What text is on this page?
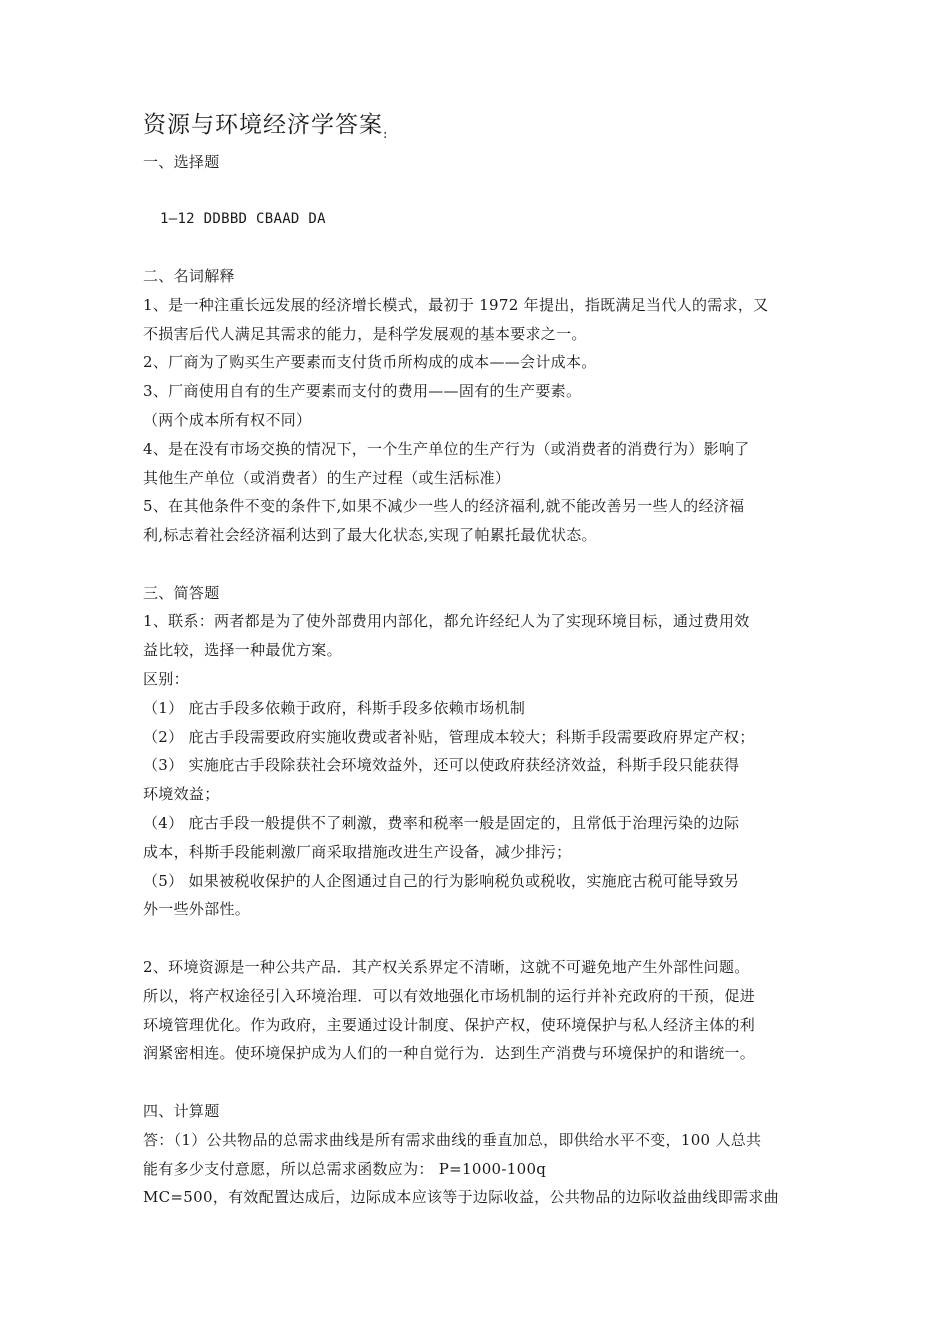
资源与环境经济学答案$_:$
一、选择题
1—12 DDBBD CBAAD DA
二、名词解释
1、是一种注重长远发展的经济增长模式，最初于 1972 年提出，指既满足当代人的需求，又
不损害后代人满足其需求的能力，是科学发展观的基本要求之一。
2、厂商为了购买生产要素而支付货币所构成的成本——会计成本。
3、厂商使用自有的生产要素而支付的费用——固有的生产要素。
（两个成本所有权不同）
4、是在没有市场交换的情况下，一个生产单位的生产行为（或消费者的消费行为）影响了
其他生产单位（或消费者）的生产过程（或生活标准）
5、在其他条件不变的条件下,如果不减少一些人的经济福利,就不能改善另一些人的经济福
利,标志着社会经济福利达到了最大化状态,实现了帕累托最优状态。
三、简答题
1、联系：两者都是为了使外部费用内部化，都允许经纪人为了实现环境目标，通过费用效
益比较，选择一种最优方案。
区别：
（1） 庇古手段多依赖于政府，科斯手段多依赖市场机制
（2） 庇古手段需要政府实施收费或者补贴，管理成本较大；科斯手段需要政府界定产权；
（3） 实施庇古手段除获社会环境效益外，还可以使政府获经济效益，科斯手段只能获得
环境效益；
（4） 庇古手段一般提供不了刺激，费率和税率一般是固定的，且常低于治理污染的边际
成本，科斯手段能刺激厂商采取措施改进生产设备，减少排污；
（5） 如果被税收保护的人企图通过自己的行为影响税负或税收，实施庇古税可能导致另
外一些外部性。
2、环境资源是一种公共产品．其产权关系界定不清晰，这就不可避免地产生外部性问题。
所以，将产权途径引入环境治理．可以有效地强化市场机制的运行并补充政府的干预，促进
环境管理优化。作为政府，主要通过设计制度、保护产权，使环境保护与私人经济主体的利
润紧密相连。使环境保护成为人们的一种自觉行为．达到生产消费与环境保护的和谐统一。
四、计算题
答：（1）公共物品的总需求曲线是所有需求曲线的垂直加总，即供给水平不变，100 人总共
能有多少支付意愿，所以总需求函数应为： P=1000-100q
MC=500，有效配置达成后，边际成本应该等于边际收益，公共物品的边际收益曲线即需求曲
